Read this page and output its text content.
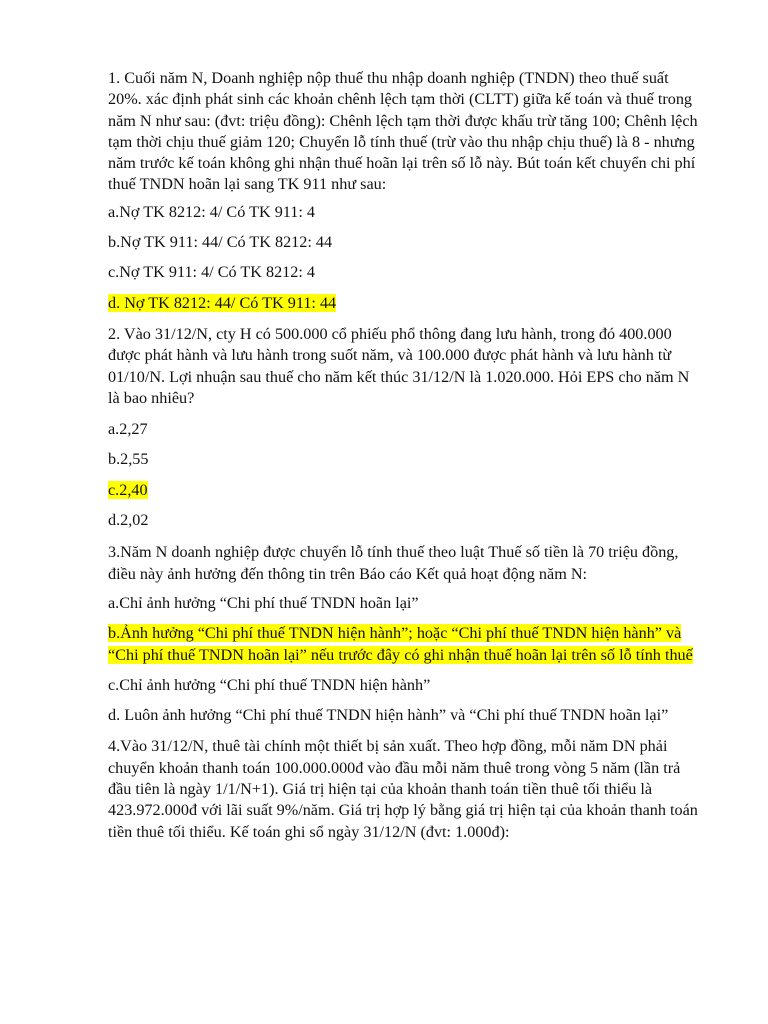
1. Cuối năm N, Doanh nghiệp nộp thuế thu nhập doanh nghiệp (TNDN) theo thuế suất 20%. xác định phát sinh các khoản chênh lệch tạm thời (CLTT) giữa kế toán và thuế trong năm N như sau: (đvt: triệu đồng): Chênh lệch tạm thời được khấu trừ tăng 100; Chênh lệch tạm thời chịu thuế giảm 120; Chuyển lỗ tính thuế (trừ vào thu nhập chịu thuế) là 8 - nhưng năm trước kế toán không ghi nhận thuế hoãn lại trên số lỗ này. Bút toán kết chuyển chi phí thuế TNDN hoãn lại sang TK 911 như sau:

a.Nợ TK 8212: 4/ Có TK 911: 4

b.Nợ TK 911: 44/ Có TK 8212: 44

c.Nợ TK 911: 4/ Có TK 8212: 4

d. Nợ TK 8212: 44/ Có TK 911: 44

2. Vào 31/12/N, cty H có 500.000 cổ phiếu phổ thông đang lưu hành, trong đó 400.000 được phát hành và lưu hành trong suốt năm, và 100.000 được phát hành và lưu hành từ 01/10/N. Lợi nhuận sau thuế cho năm kết thúc 31/12/N là 1.020.000. Hỏi EPS cho năm N là bao nhiêu?

a.2,27

b.2,55

c.2,40

d.2,02

3.Năm N doanh nghiệp được chuyển lỗ tính thuế theo luật Thuế số tiền là 70 triệu đồng, điều này ảnh hưởng đến thông tin trên Báo cáo Kết quả hoạt động năm N:

a.Chỉ ảnh hưởng “Chi phí thuế TNDN hoãn lại”

b.Ảnh hưởng “Chi phí thuế TNDN hiện hành”; hoặc “Chi phí thuế TNDN hiện hành” và “Chi phí thuế TNDN hoãn lại” nếu trước đây có ghi nhận thuế hoãn lại trên số lỗ tính thuế

c.Chỉ ảnh hưởng “Chi phí thuế TNDN hiện hành”

d. Luôn ảnh hưởng “Chi phí thuế TNDN hiện hành” và “Chi phí thuế TNDN hoãn lại”

4.Vào 31/12/N, thuê tài chính một thiết bị sản xuất. Theo hợp đồng, mỗi năm DN phải chuyển khoản thanh toán 100.000.000đ vào đầu mỗi năm thuê trong vòng 5 năm (lần trả đầu tiên là ngày 1/1/N+1). Giá trị hiện tại của khoản thanh toán tiền thuê tối thiểu là 423.972.000đ với lãi suất 9%/năm. Giá trị hợp lý bằng giá trị hiện tại của khoản thanh toán tiền thuê tối thiểu. Kế toán ghi sổ ngày 31/12/N (đvt: 1.000đ):
